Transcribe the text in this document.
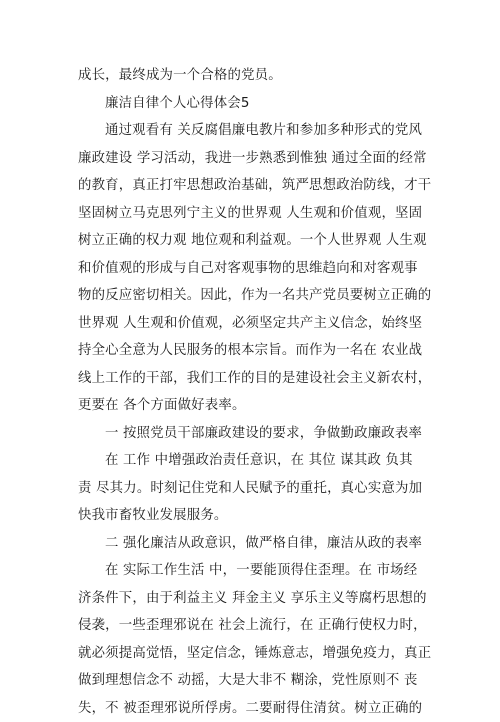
成长，最终成为一个合格的党员。
廉洁自律个人心得体会5
通过观看有 关反腐倡廉电教片和参加多种形式的党风
廉政建设 学习活动，我进一步熟悉到惟独 通过全面的经常
的教育，真正打牢思想政治基础，筑严思想政治防线，才干
坚固树立马克思列宁主义的世界观 人生观和价值观，坚固
树立正确的权力观 地位观和利益观。一个人世界观 人生观
和价值观的形成与自己对客观事物的思维趋向和对客观事
物的反应密切相关。因此，作为一名共产党员要树立正确的
世界观 人生观和价值观，必须坚定共产主义信念，始终坚
持全心全意为人民服务的根本宗旨。而作为一名在 农业战
线上工作的干部，我们工作的目的是建设社会主义新农村，
更要在 各个方面做好表率。
一 按照党员干部廉政建设的要求，争做勤政廉政表率
在 工作 中增强政治责任意识，在 其位 谋其政 负其
责 尽其力。时刻记住党和人民赋予的重托，真心实意为加
快我市畜牧业发展服务。
二 强化廉洁从政意识，做严格自律，廉洁从政的表率
在 实际工作生活 中，一要能顶得住歪理。在 市场经
济条件下，由于利益主义 拜金主义 享乐主义等腐朽思想的
侵袭，一些歪理邪说在 社会上流行，在 正确行使权力时，
就必须提高觉悟，坚定信念，锤炼意志，增强免疫力，真正
做到理想信念不 动摇，大是大非不 糊涂，党性原则不 丧
失，不 被歪理邪说所俘虏。二要耐得住清贫。树立正确的
